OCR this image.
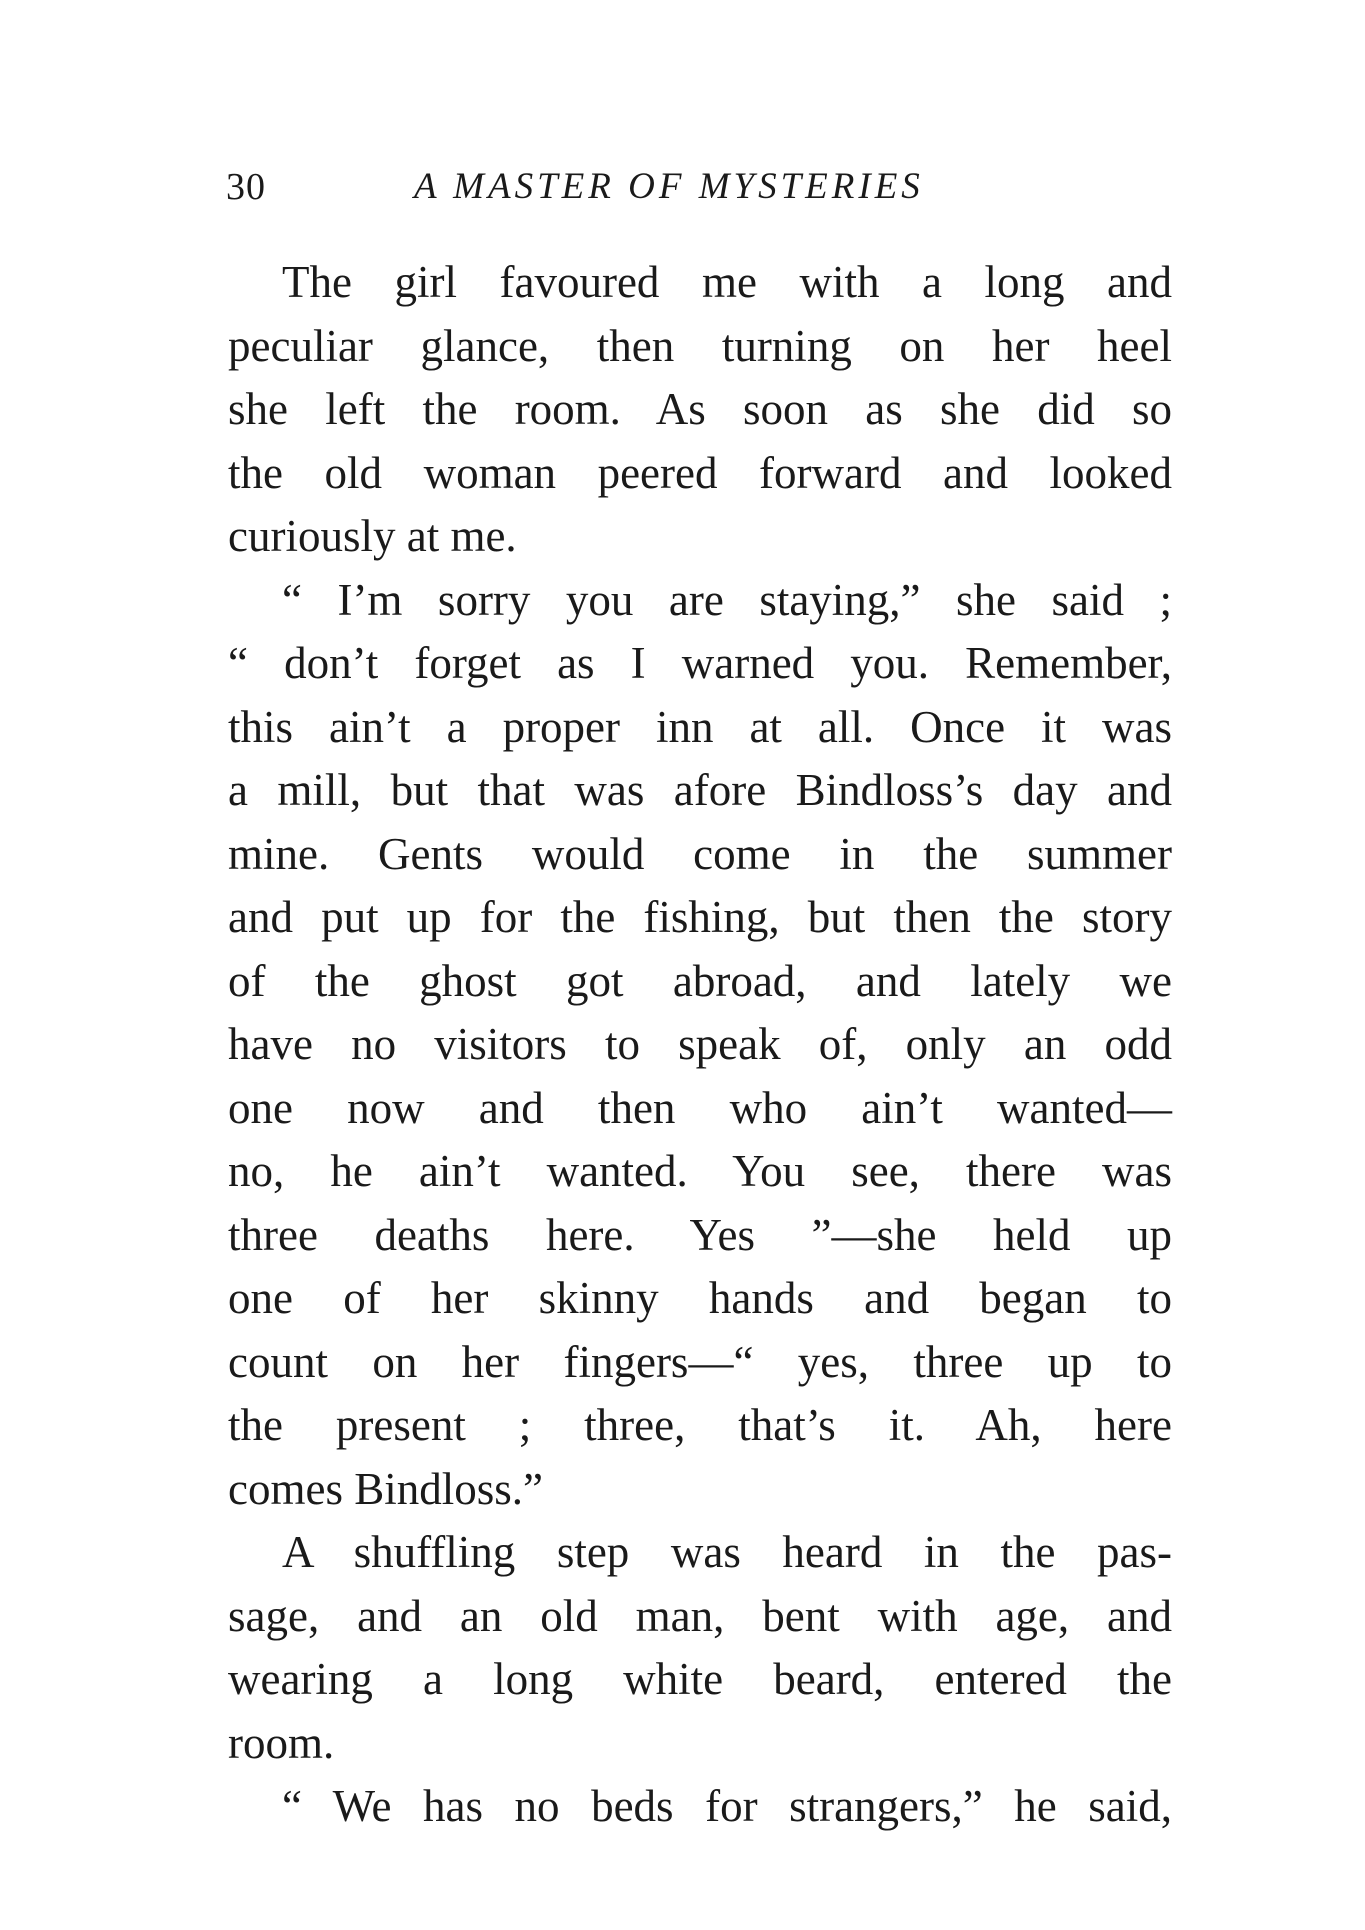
30	A MASTER OF MYSTERIES
The girl favoured me with a long and
peculiar glance, then turning on her heel
she left the room. As soon as she did so
the old woman peered forward and looked
curiously at me.
“ I’m sorry you are staying,” she said ;
“ don’t forget as I warned you. Remember,
this ain’t a proper inn at all. Once it was
a mill, but that was afore Bindloss’s day and
mine. Gents would come in the summer
and put up for the fishing, but then the story
of the ghost got abroad, and lately we
have no visitors to speak of, only an odd
one now and then who ain’t wanted—
no, he ain’t wanted. You see, there was
three deaths here. Yes ”—she held up
one of her skinny hands and began to
count on her fingers—“ yes, three up to
the present ; three, that’s it. Ah, here
comes Bindloss.”
A shuffling step was heard in the pas-
sage, and an old man, bent with age, and
wearing a long white beard, entered the
room.
“ We has no beds for strangers,” he said,
